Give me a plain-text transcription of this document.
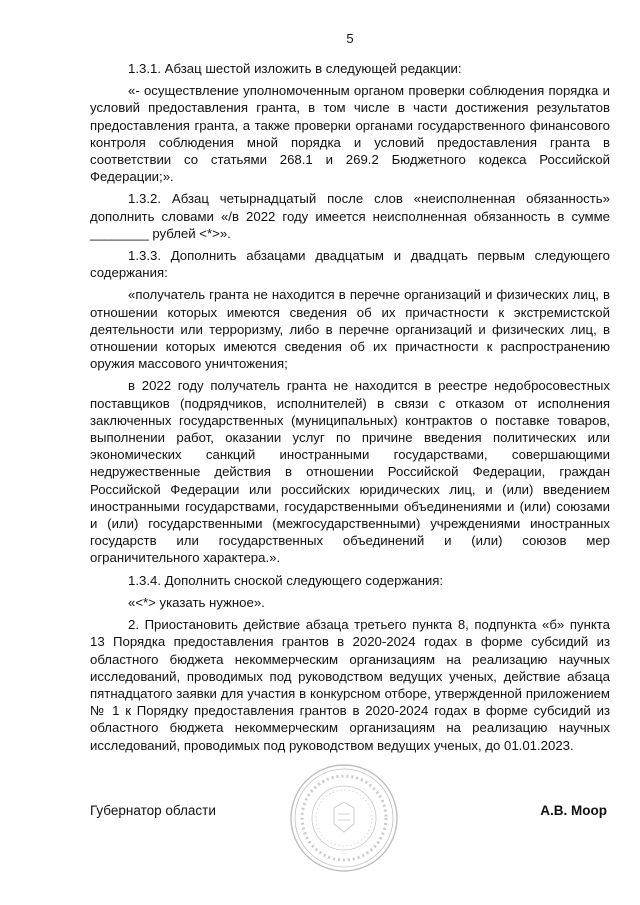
5

1.3.1. Абзац шестой изложить в следующей редакции:

«- осуществление уполномоченным органом проверки соблюдения порядка и условий предоставления гранта, в том числе в части достижения результатов предоставления гранта, а также проверки органами государственного финансового контроля соблюдения мной порядка и условий предоставления гранта в соответствии со статьями 268.1 и 269.2 Бюджетного кодекса Российской Федерации;».

1.3.2. Абзац четырнадцатый после слов «неисполненная обязанность» дополнить словами «/в 2022 году имеется неисполненная обязанность в сумме ________ рублей <*>».

1.3.3. Дополнить абзацами двадцатым и двадцать первым следующего содержания:

«получатель гранта не находится в перечне организаций и физических лиц, в отношении которых имеются сведения об их причастности к экстремистской деятельности или терроризму, либо в перечне организаций и физических лиц, в отношении которых имеются сведения об их причастности к распространению оружия массового уничтожения;

в 2022 году получатель гранта не находится в реестре недобросовестных поставщиков (подрядчиков, исполнителей) в связи с отказом от исполнения заключенных государственных (муниципальных) контрактов о поставке товаров, выполнении работ, оказании услуг по причине введения политических или экономических санкций иностранными государствами, совершающими недружественные действия в отношении Российской Федерации, граждан Российской Федерации или российских юридических лиц, и (или) введением иностранными государствами, государственными объединениями и (или) союзами и (или) государственными (межгосударственными) учреждениями иностранных государств или государственных объединений и (или) союзов мер ограничительного характера.».

1.3.4. Дополнить сноской следующего содержания:

«<*> указать нужное».

2. Приостановить действие абзаца третьего пункта 8, подпункта «б» пункта 13 Порядка предоставления грантов в 2020-2024 годах в форме субсидий из областного бюджета некоммерческим организациям на реализацию научных исследований, проводимых под руководством ведущих ученых, действие абзаца пятнадцатого заявки для участия в конкурсном отборе, утвержденной приложением № 1 к Порядку предоставления грантов в 2020-2024 годах в форме субсидий из областного бюджета некоммерческим организациям на реализацию научных исследований, проводимых под руководством ведущих ученых, до 01.01.2023.

Губернатор области	А.В. Моор
